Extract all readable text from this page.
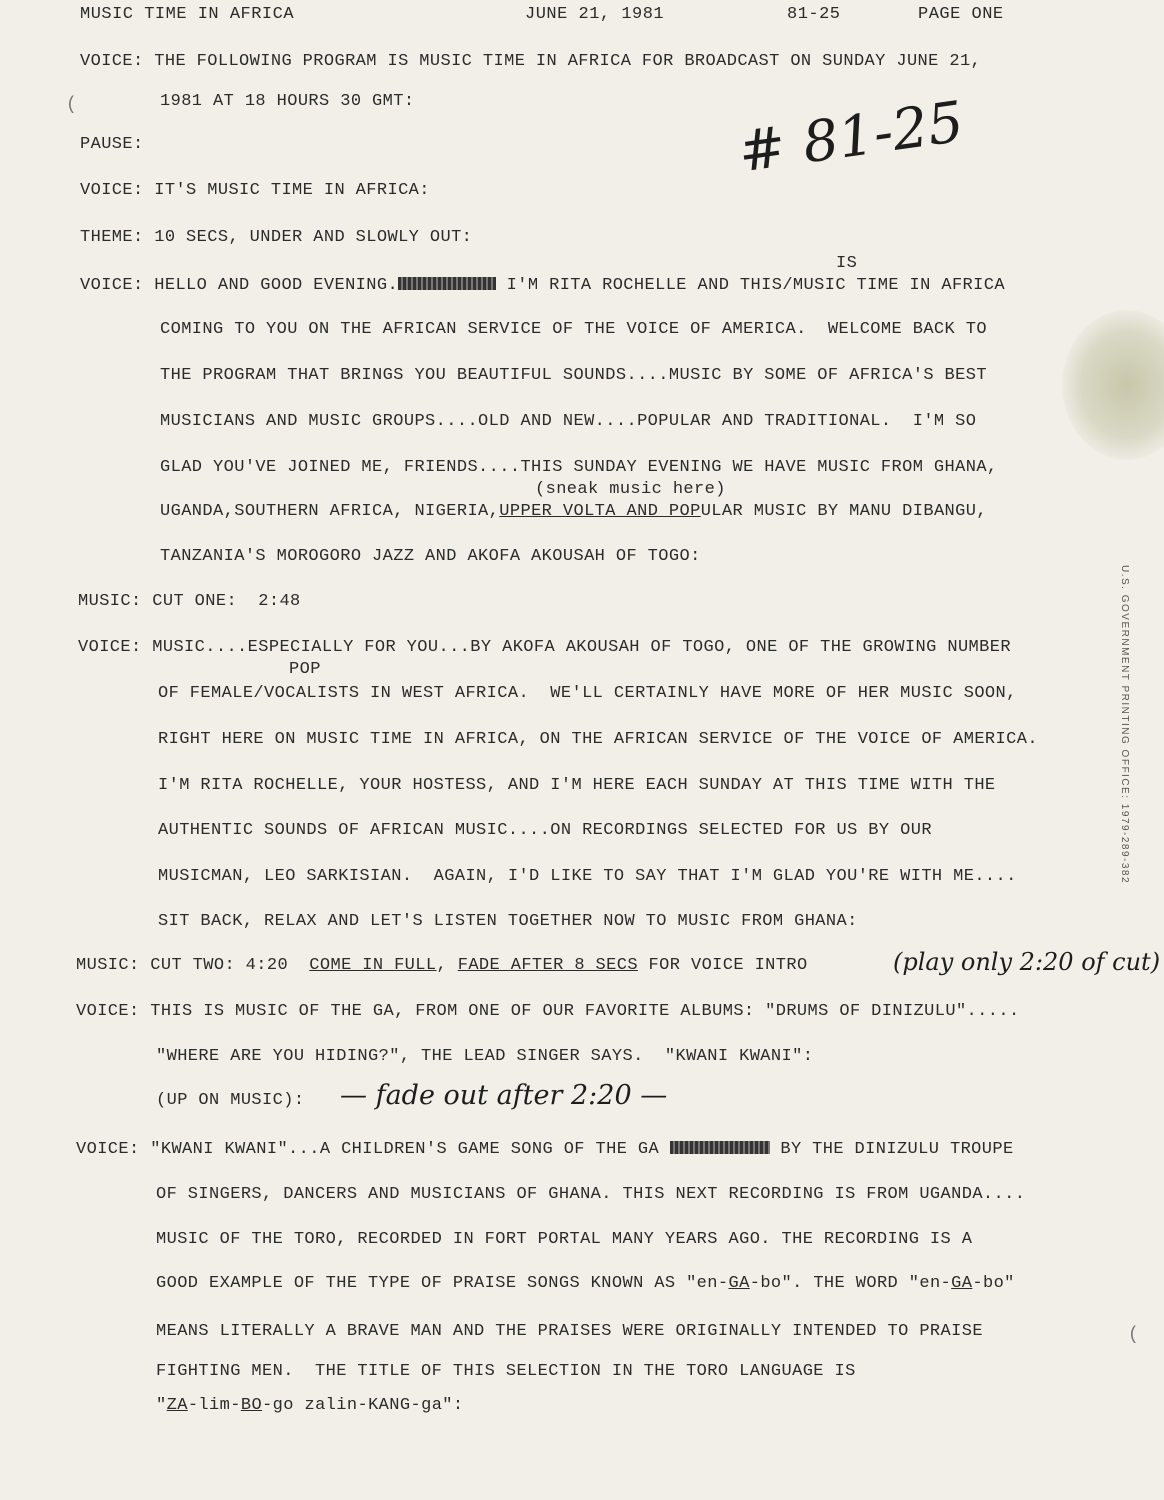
MUSIC TIME IN AFRICA	JUNE 21, 1981	81-25	PAGE ONE
VOICE: THE FOLLOWING PROGRAM IS MUSIC TIME IN AFRICA FOR BROADCAST ON SUNDAY JUNE 21,
(	1981 AT 18 HOURS 30 GMT:
PAUSE:	# 81-25
VOICE: IT'S MUSIC TIME IN AFRICA:
THEME: 10 SECS, UNDER AND SLOWLY OUT:
IS
VOICE: HELLO AND GOOD EVENING.	I'M RITA ROCHELLE AND THIS/MUSIC TIME IN AFRICA
COMING TO YOU ON THE AFRICAN SERVICE OF THE VOICE OF AMERICA.  WELCOME BACK TO
THE PROGRAM THAT BRINGS YOU BEAUTIFUL SOUNDS....MUSIC BY SOME OF AFRICA'S BEST
MUSICIANS AND MUSIC GROUPS....OLD AND NEW....POPULAR AND TRADITIONAL.  I'M SO
GLAD YOU'VE JOINED ME, FRIENDS....THIS SUNDAY EVENING WE HAVE MUSIC FROM GHANA,
(sneak music here)
UGANDA,SOUTHERN AFRICA, NIGERIA,UPPER VOLTA AND POPULAR MUSIC BY MANU DIBANGU,
TANZANIA'S MOROGORO JAZZ AND AKOFA AKOUSAH OF TOGO:
MUSIC: CUT ONE:  2:48
VOICE: MUSIC....ESPECIALLY FOR YOU...BY AKOFA AKOUSAH OF TOGO, ONE OF THE GROWING NUMBER
POP
OF FEMALE/VOCALISTS IN WEST AFRICA.  WE'LL CERTAINLY HAVE MORE OF HER MUSIC SOON,
RIGHT HERE ON MUSIC TIME IN AFRICA, ON THE AFRICAN SERVICE OF THE VOICE OF AMERICA.
I'M RITA ROCHELLE, YOUR HOSTESS, AND I'M HERE EACH SUNDAY AT THIS TIME WITH THE
AUTHENTIC SOUNDS OF AFRICAN MUSIC....ON RECORDINGS SELECTED FOR US BY OUR
MUSICMAN, LEO SARKISIAN.  AGAIN, I'D LIKE TO SAY THAT I'M GLAD YOU'RE WITH ME....
SIT BACK, RELAX AND LET'S LISTEN TOGETHER NOW TO MUSIC FROM GHANA:
MUSIC: CUT TWO: 4:20  COME IN FULL, FADE AFTER 8 SECS FOR VOICE INTRO	(play only 2:20 of cut)
VOICE: THIS IS MUSIC OF THE GA, FROM ONE OF OUR FAVORITE ALBUMS: "DRUMS OF DINIZULU".....
"WHERE ARE YOU HIDING?", THE LEAD SINGER SAYS.  "KWANI KWANI":
(UP ON MUSIC): — fade out after 2:20 —
VOICE: "KWANI KWANI"...A CHILDREN'S GAME SONG OF THE GA	BY THE DINIZULU TROUPE
OF SINGERS, DANCERS AND MUSICIANS OF GHANA. THIS NEXT RECORDING IS FROM UGANDA....
MUSIC OF THE TORO, RECORDED IN FORT PORTAL MANY YEARS AGO. THE RECORDING IS A
GOOD EXAMPLE OF THE TYPE OF PRAISE SONGS KNOWN AS "en-GA-bo". THE WORD "en-GA-bo"
MEANS LITERALLY A BRAVE MAN AND THE PRAISES WERE ORIGINALLY INTENDED TO PRAISE
FIGHTING MEN.  THE TITLE OF THIS SELECTION IN THE TORO LANGUAGE IS
"ZA-lim-BO-go zalin-KANG-ga":
(
U.S. GOVERNMENT PRINTING OFFICE: 1979-289-382
